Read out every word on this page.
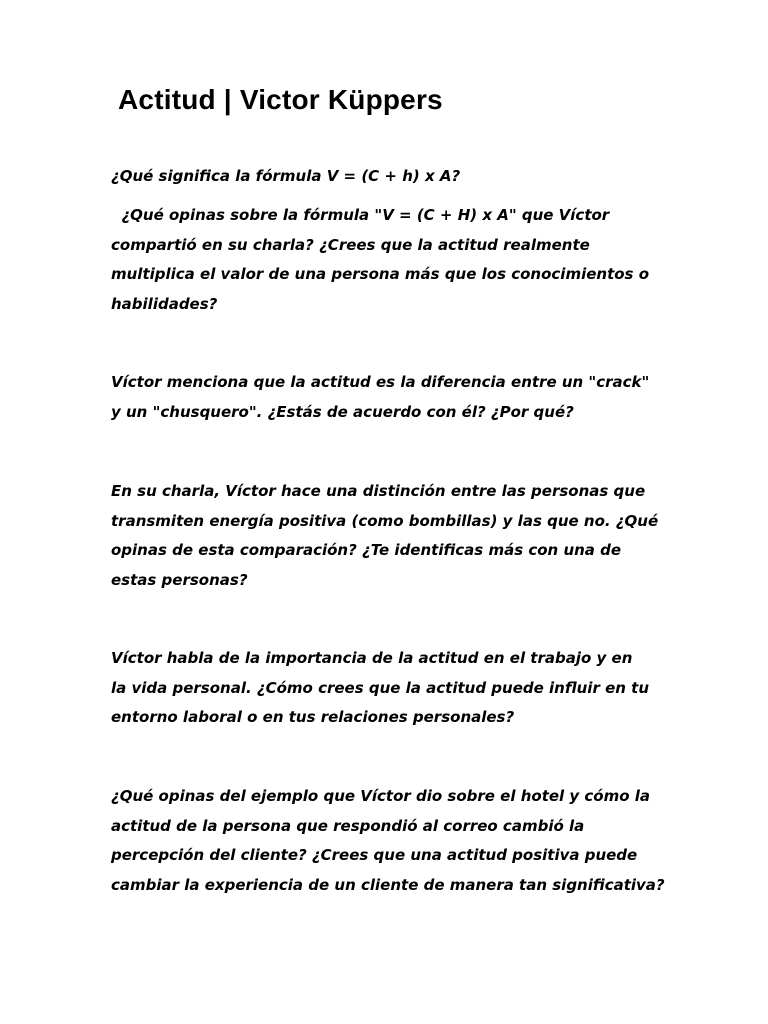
Actitud | Victor Küppers

¿Qué significa la fórmula V = (C + h) x A?

¿Qué opinas sobre la fórmula "V = (C + H) x A" que Víctor
compartió en su charla? ¿Crees que la actitud realmente
multiplica el valor de una persona más que los conocimientos o
habilidades?

Víctor menciona que la actitud es la diferencia entre un "crack"
y un "chusquero". ¿Estás de acuerdo con él? ¿Por qué?

En su charla, Víctor hace una distinción entre las personas que
transmiten energía positiva (como bombillas) y las que no. ¿Qué
opinas de esta comparación? ¿Te identificas más con una de
estas personas?

Víctor habla de la importancia de la actitud en el trabajo y en
la vida personal. ¿Cómo crees que la actitud puede influir en tu
entorno laboral o en tus relaciones personales?

¿Qué opinas del ejemplo que Víctor dio sobre el hotel y cómo la
actitud de la persona que respondió al correo cambió la
percepción del cliente? ¿Crees que una actitud positiva puede
cambiar la experiencia de un cliente de manera tan significativa?
